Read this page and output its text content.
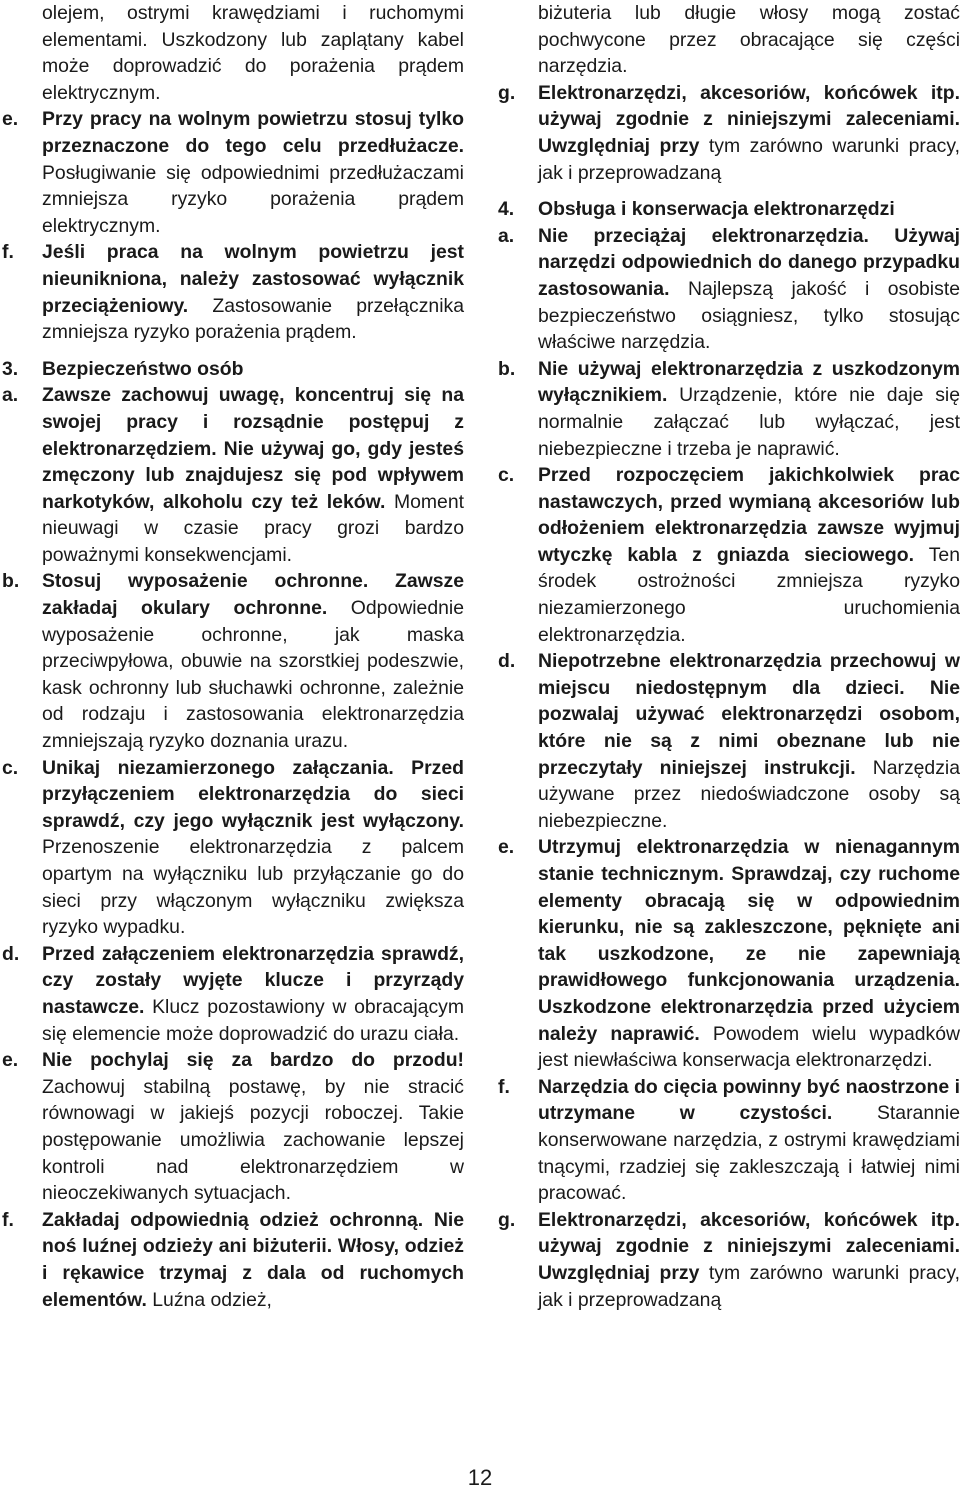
olejem, ostrymi krawędziami i ruchomymi elementami. Uszkodzony lub zaplątany kabel może doprowadzić do porażenia prądem elektrycznym.
e.	Przy pracy na wolnym powietrzu stosuj tylko przeznaczone do tego celu przedłużacze. Posługiwanie się odpowiednimi przedłużaczami zmniejsza ryzyko porażenia prądem elektrycznym.
f.	Jeśli praca na wolnym powietrzu jest nieunikniona, należy zastosować wyłącznik przeciążeniowy. Zastosowanie przełącznika zmniejsza ryzyko porażenia prądem.
3.	Bezpieczeństwo osób
a.	Zawsze zachowuj uwagę, koncentruj się na swojej pracy i rozsądnie postępuj z elektronarzędziem. Nie używaj go, gdy jesteś zmęczony lub znajdujesz się pod wpływem narkotyków, alkoholu czy też leków. Moment nieuwagi w czasie pracy grozi bardzo poważnymi konsekwencjami.
b.	Stosuj wyposażenie ochronne. Zawsze zakładaj okulary ochronne. Odpowiednie wyposażenie ochronne, jak maska przeciwpyłowa, obuwie na szorstkiej podeszwie, kask ochronny lub słuchawki ochronne, zależnie od rodzaju i zastosowania elektronarzędzia zmniejszają ryzyko doznania urazu.
c.	Unikaj niezamierzonego załączania. Przed przyłączeniem elektronarzędzia do sieci sprawdź, czy jego wyłącznik jest wyłączony. Przenoszenie elektronarzędzia z palcem opartym na wyłączniku lub przyłączanie go do sieci przy włączonym wyłączniku zwiększa ryzyko wypadku.
d.	Przed załączeniem elektronarzędzia sprawdź, czy zostały wyjęte klucze i przyrządy nastawcze. Klucz pozostawiony w obracającym się elemencie może doprowadzić do urazu ciała.
e.	Nie pochylaj się za bardzo do przodu! Zachowuj stabilną postawę, by nie stracić równowagi w jakiejś pozycji roboczej. Takie postępowanie umożliwia zachowanie lepszej kontroli nad elektronarzędziem w nieoczekiwanych sytuacjach.
f.	Zakładaj odpowiednią odzież ochronną. Nie noś luźnej odzieży ani biżuterii. Włosy, odzież i rękawice trzymaj z dala od ruchomych elementów. Luźna odzież,
biżuteria lub długie włosy mogą zostać pochwycone przez obracające się części narzędzia.
g.	Elektronarzędzi, akcesoriów, końcówek itp. używaj zgodnie z niniejszymi zaleceniami. Uwzględniaj przy tym zarówno warunki pracy, jak i przeprowadzaną
4.	Obsługa i konserwacja elektronarzędzi
a.	Nie przeciążaj elektronarzędzia. Używaj narzędzi odpowiednich do danego przypadku zastosowania. Najlepszą jakość i osobiste bezpieczeństwo osiągniesz, tylko stosując właściwe narzędzia.
b.	Nie używaj elektronarzędzia z uszkodzonym wyłącznikiem. Urządzenie, które nie daje się normalnie załączać lub wyłączać, jest niebezpieczne i trzeba je naprawić.
c.	Przed rozpoczęciem jakichkolwiek prac nastawczych, przed wymianą akcesoriów lub odłożeniem elektronarzędzia zawsze wyjmuj wtyczkę kabla z gniazda sieciowego. Ten środek ostrożności zmniejsza ryzyko niezamierzonego uruchomienia elektronarzędzia.
d.	Niepotrzebne elektronarzędzia przechowuj w miejscu niedostępnym dla dzieci. Nie pozwalaj używać elektronarzędzi osobom, które nie są z nimi obeznane lub nie przeczytały niniejszej instrukcji. Narzędzia używane przez niedoświadczone osoby są niebezpieczne.
e.	Utrzymuj elektronarzędzia w nienagannym stanie technicznym. Sprawdzaj, czy ruchome elementy obracają się w odpowiednim kierunku, nie są zakleszczone, pęknięte ani tak uszkodzone, ze nie zapewniają prawidłowego funkcjonowania urządzenia. Uszkodzone elektronarzędzia przed użyciem należy naprawić. Powodem wielu wypadków jest niewłaściwa konserwacja elektronarzędzi.
f.	Narzędzia do cięcia powinny być naostrzone i utrzymane w czystości. Starannie konserwowane narzędzia, z ostrymi krawędziami tnącymi, rzadziej się zakleszczają i łatwiej nimi pracować.
g.	Elektronarzędzi, akcesoriów, końcówek itp. używaj zgodnie z niniejszymi zaleceniami. Uwzględniaj przy tym zarówno warunki pracy, jak i przeprowadzaną
12
